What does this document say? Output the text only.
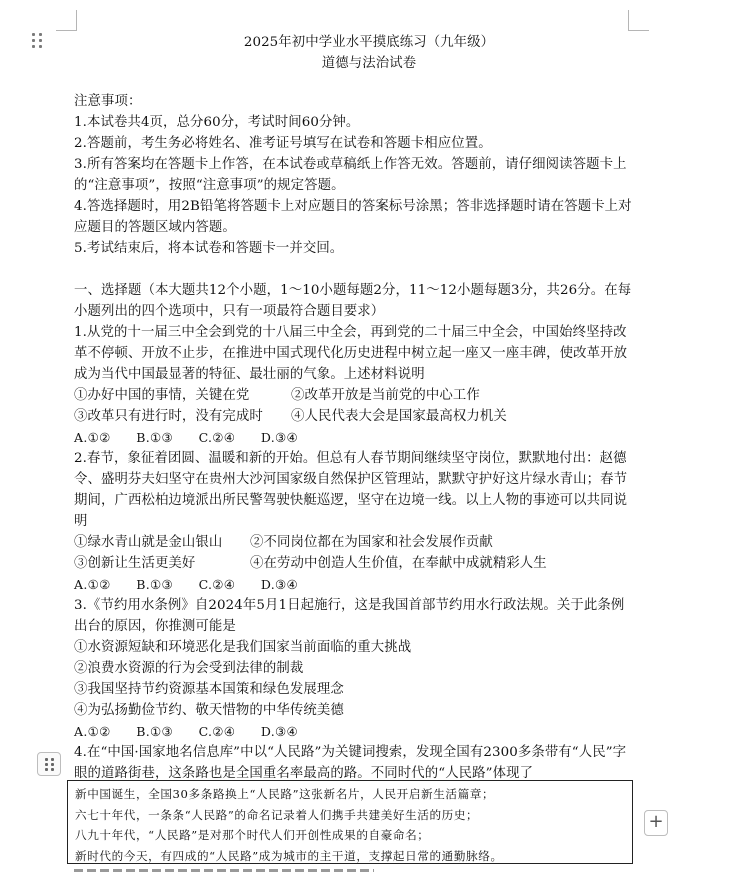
2025年初中学业水平摸底练习（九年级）
道德与法治试卷

注意事项：

1.本试卷共4页，总分60分，考试时间60分钟。

2.答题前，考生务必将姓名、准考证号填写在试卷和答题卡相应位置。

3.所有答案均在答题卡上作答，在本试卷或草稿纸上作答无效。答题前，请仔细阅读答题卡上的“注意事项”，按照“注意事项”的规定答题。

4.答选择题时，用2B铅笔将答题卡上对应题目的答案标号涂黑；答非选择题时请在答题卡上对应题目的答题区域内答题。

5.考试结束后，将本试卷和答题卡一并交回。

一、选择题（本大题共12个小题，1～10小题每题2分，11～12小题每题3分，共26分。在每小题列出的四个选项中，只有一项最符合题目要求）

1.从党的十一届三中全会到党的十八届三中全会，再到党的二十届三中全会，中国始终坚持改革不停顿、开放不止步，在推进中国式现代化历史进程中树立起一座又一座丰碑，使改革开放成为当代中国最显著的特征、最壮丽的气象。上述材料说明

①办好中国的事情，关键在党	②改革开放是当前党的中心工作
③改革只有进行时，没有完成时	④人民代表大会是国家最高权力机关

A.①②　　B.①③　　C.②④　　D.③④

2.春节，象征着团圆、温暖和新的开始。但总有人春节期间继续坚守岗位，默默地付出：赵德令、盛明芬夫妇坚守在贵州大沙河国家级自然保护区管理站，默默守护好这片绿水青山；春节期间，广西松柏边境派出所民警驾驶快艇巡逻，坚守在边境一线。以上人物的事迹可以共同说明

①绿水青山就是金山银山	②不同岗位都在为国家和社会发展作贡献
③创新让生活更美好	④在劳动中创造人生价值，在奉献中成就精彩人生

A.①②　　B.①③　　C.②④　　D.③④

3.《节约用水条例》自2024年5月1日起施行，这是我国首部节约用水行政法规。关于此条例出台的原因，你推测可能是

①水资源短缺和环境恶化是我们国家当前面临的重大挑战

②浪费水资源的行为会受到法律的制裁

③我国坚持节约资源基本国策和绿色发展理念

④为弘扬勤俭节约、敬天惜物的中华传统美德

A.①②　　B.①③　　C.②④　　D.③④

4.在“中国·国家地名信息库”中以“人民路”为关键词搜索，发现全国有2300多条带有“人民”字眼的道路街巷，这条路也是全国重名率最高的路。不同时代的“人民路”体现了

新中国诞生，全国30多条路换上“人民路”这张新名片，人民开启新生活篇章；

六七十年代，一条条“人民路”的命名记录着人们携手共建美好生活的历史；

八九十年代，“人民路”是对那个时代人们开创性成果的自豪命名；

新时代的今天，有四成的“人民路”成为城市的主干道，支撑起日常的通勤脉络。

+
